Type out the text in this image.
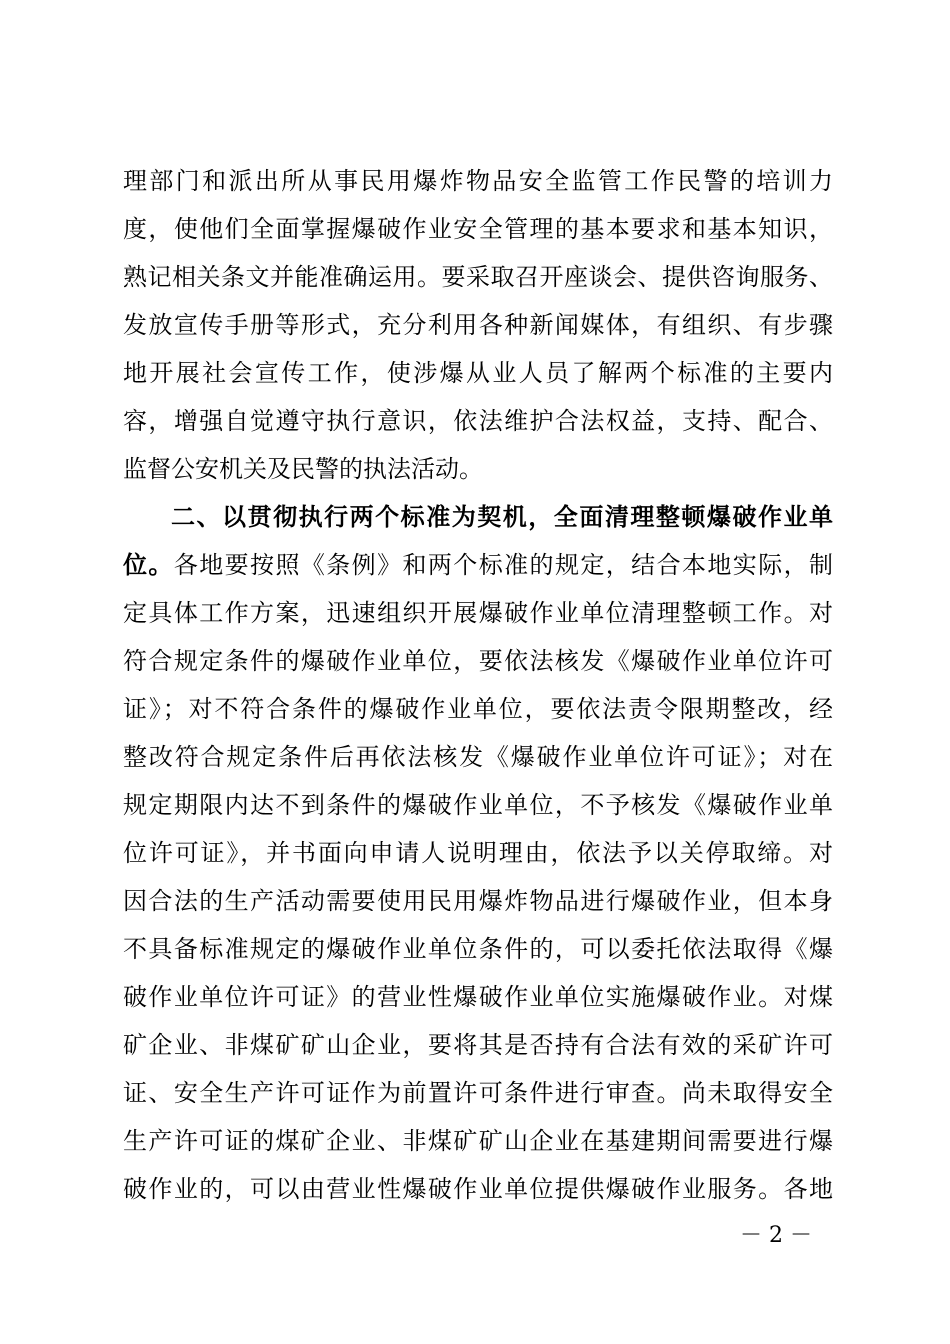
理部门和派出所从事民用爆炸物品安全监管工作民警的培训力
度，使他们全面掌握爆破作业安全管理的基本要求和基本知识，
熟记相关条文并能准确运用。要采取召开座谈会、提供咨询服务、
发放宣传手册等形式，充分利用各种新闻媒体，有组织、有步骤
地开展社会宣传工作，使涉爆从业人员了解两个标准的主要内
容，增强自觉遵守执行意识，依法维护合法权益，支持、配合、
监督公安机关及民警的执法活动。
二、以贯彻执行两个标准为契机，全面清理整顿爆破作业单
位。各地要按照《条例》和两个标准的规定，结合本地实际，制
定具体工作方案，迅速组织开展爆破作业单位清理整顿工作。对
符合规定条件的爆破作业单位，要依法核发《爆破作业单位许可
证》；对不符合条件的爆破作业单位，要依法责令限期整改，经
整改符合规定条件后再依法核发《爆破作业单位许可证》；对在
规定期限内达不到条件的爆破作业单位，不予核发《爆破作业单
位许可证》，并书面向申请人说明理由，依法予以关停取缔。对
因合法的生产活动需要使用民用爆炸物品进行爆破作业，但本身
不具备标准规定的爆破作业单位条件的，可以委托依法取得《爆
破作业单位许可证》的营业性爆破作业单位实施爆破作业。对煤
矿企业、非煤矿矿山企业，要将其是否持有合法有效的采矿许可
证、安全生产许可证作为前置许可条件进行审查。尚未取得安全
生产许可证的煤矿企业、非煤矿矿山企业在基建期间需要进行爆
破作业的，可以由营业性爆破作业单位提供爆破作业服务。各地
－ 2 －
